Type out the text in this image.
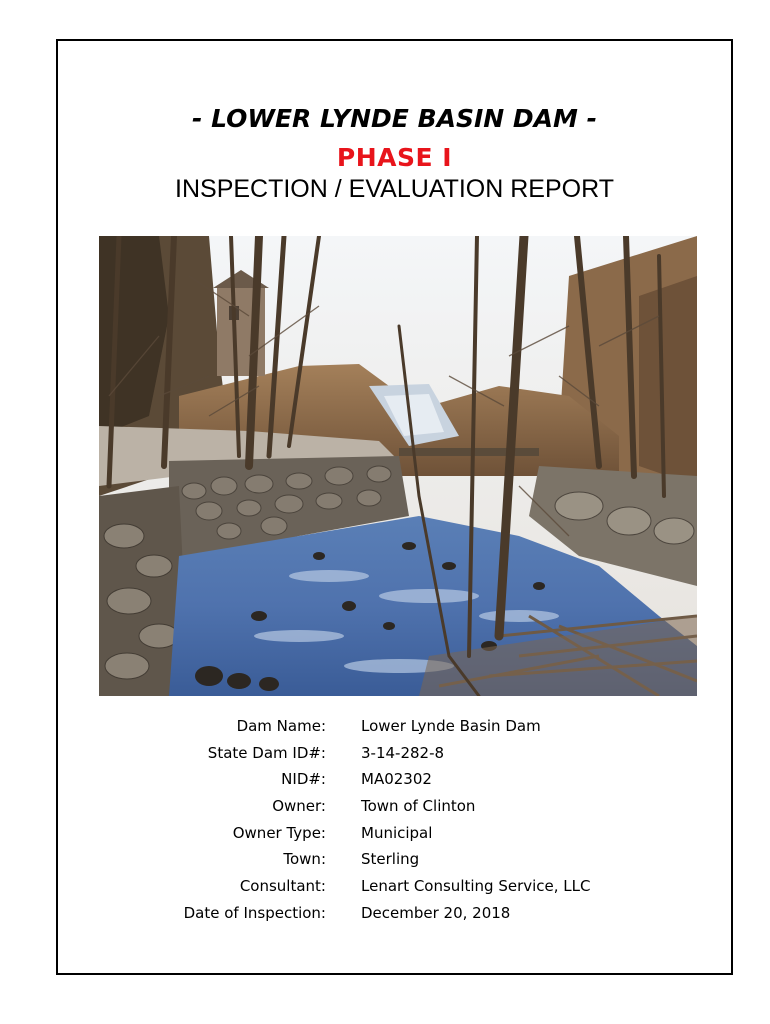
- LOWER LYNDE BASIN DAM -
PHASE I
INSPECTION / EVALUATION REPORT
Dam Name: Lower Lynde Basin Dam
State Dam ID#: 3-14-282-8
NID#: MA02302
Owner: Town of Clinton
Owner Type: Municipal
Town: Sterling
Consultant: Lenart Consulting Service, LLC
Date of Inspection: December 20, 2018
